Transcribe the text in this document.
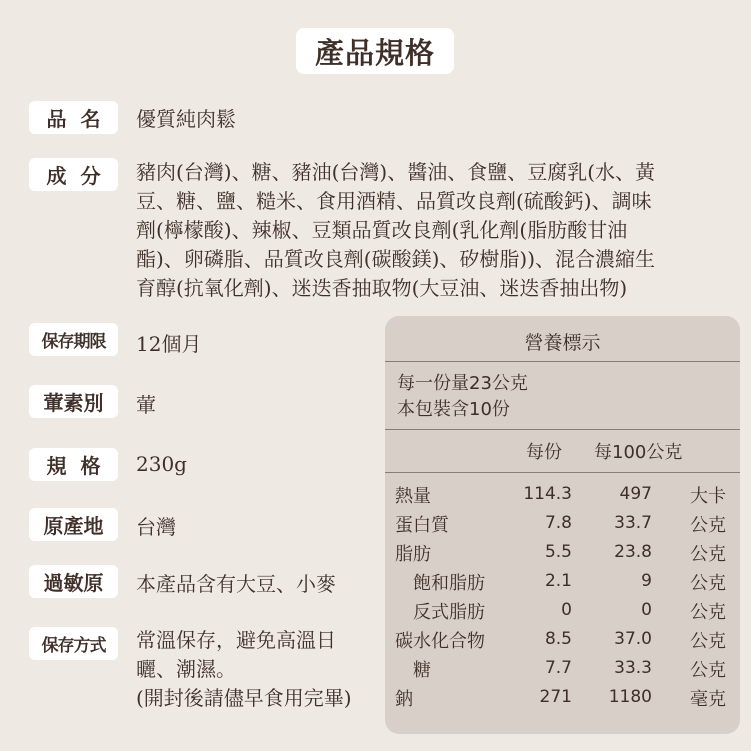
產品規格
品名 優質純肉鬆
成分 豬肉(台灣)、糖、豬油(台灣)、醬油、食鹽、豆腐乳(水、黃
豆、糖、鹽、糙米、食用酒精、品質改良劑(硫酸鈣)、調味
劑(檸檬酸)、辣椒、豆類品質改良劑(乳化劑(脂肪酸甘油
酯)、卵磷脂、品質改良劑(碳酸鎂)、矽樹脂))、混合濃縮生
育醇(抗氧化劑)、迷迭香抽取物(大豆油、迷迭香抽出物)
保存期限	12個月
葷素別	葷
規格 230g
原產地	台灣
過敏原	本產品含有大豆、小麥
保存方式	常溫保存，避免高溫日
曬、潮濕。
(開封後請儘早食用完畢)
營養標示
每一份量23公克
本包裝含10份
每份 每100公克
熱量	114.3	497 大卡
蛋白質	7.8 33.7 公克
脂肪	5.5 23.8 公克
飽和脂肪	2.1	9 公克
反式脂肪	0	0 公克
碳水化合物	8.5 37.0 公克
糖	7.7 33.3 公克
鈉	271 1180 毫克
